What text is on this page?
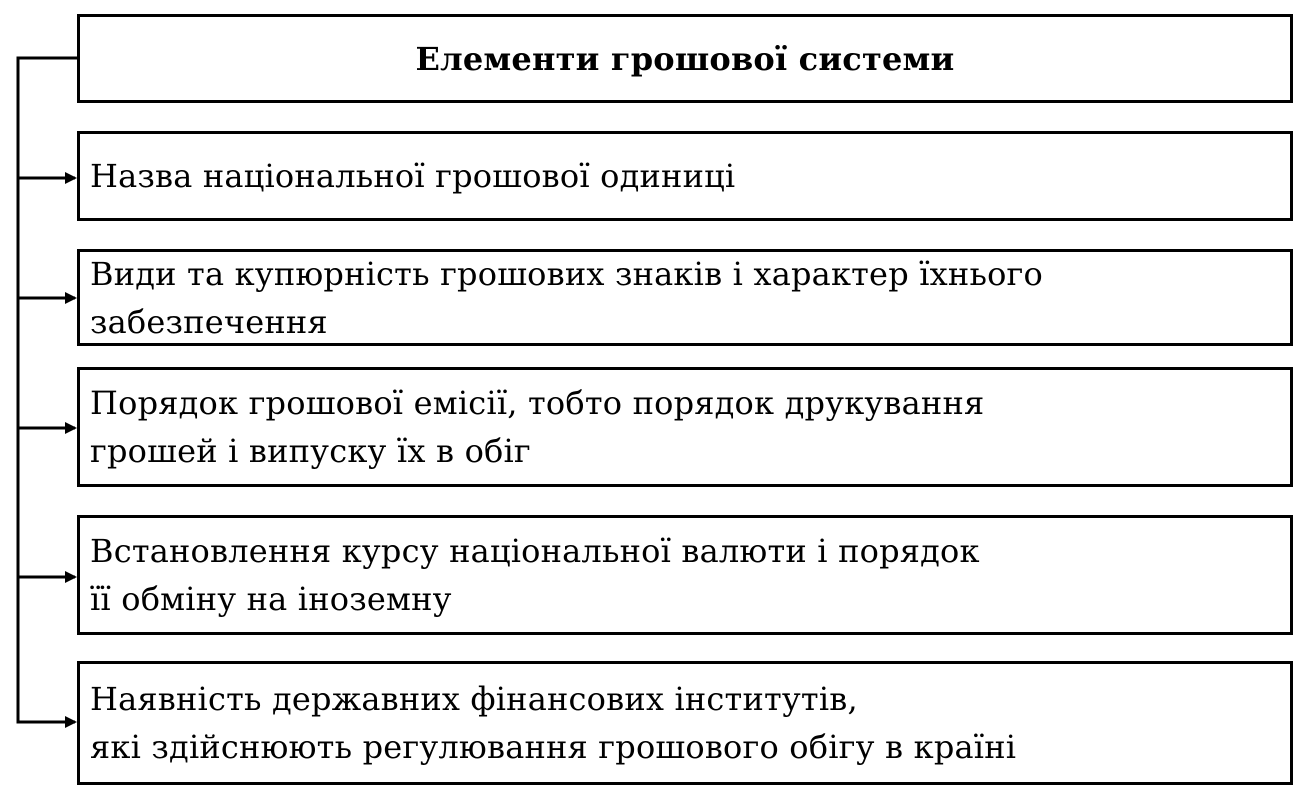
Елементи грошової системи
Назва національної грошової одиниці
Види та купюрність грошових знаків і характер їхнього
забезпечення
Порядок грошової емісії, тобто порядок друкування
грошей і випуску їх в обіг
Встановлення курсу національної валюти і порядок
її обміну на іноземну
Наявність державних фінансових інститутів,
які здійснюють регулювання грошового обігу в країні
